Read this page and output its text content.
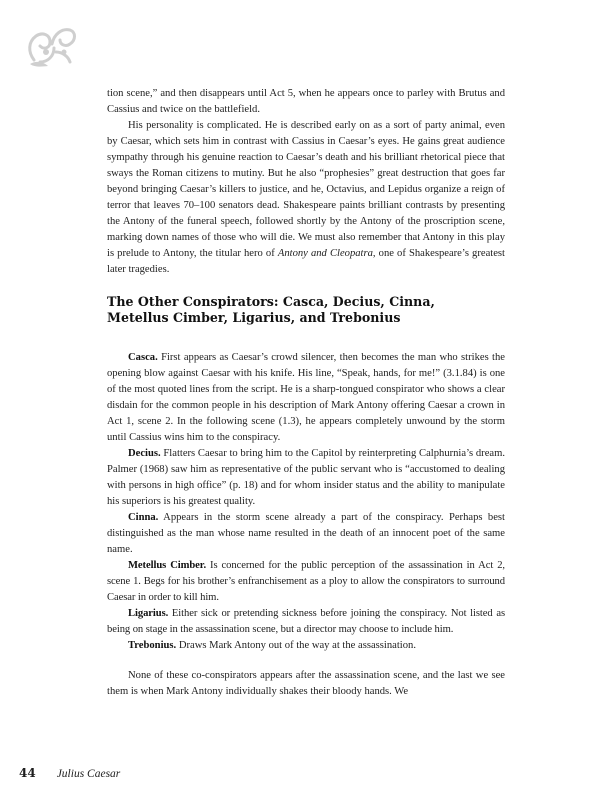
tion scene,” and then disappears until Act 5, when he appears once to parley with Brutus and Cassius and twice on the battlefield.

His personality is complicated. He is described early on as a sort of party animal, even by Caesar, which sets him in contrast with Cassius in Caesar’s eyes. He gains great audience sympathy through his genuine reaction to Caesar’s death and his brilliant rhetorical piece that sways the Roman citizens to mutiny. But he also “prophesies” great destruction that goes far beyond bringing Caesar’s killers to justice, and he, Octavius, and Lepidus organize a reign of terror that leaves 70–100 senators dead. Shakespeare paints brilliant contrasts by presenting the Antony of the funeral speech, followed shortly by the Antony of the proscription scene, marking down names of those who will die. We must also remember that Antony in this play is prelude to Antony, the titular hero of Antony and Cleopatra, one of Shakespeare’s greatest later tragedies.

The Other Conspirators: Casca, Decius, Cinna,
Metellus Cimber, Ligarius, and Trebonius

Casca. First appears as Caesar’s crowd silencer, then becomes the man who strikes the opening blow against Caesar with his knife. His line, “Speak, hands, for me!” (3.1.84) is one of the most quoted lines from the script. He is a sharp-tongued conspirator who shows a clear disdain for the common people in his description of Mark Antony offering Caesar a crown in Act 1, scene 2. In the following scene (1.3), he appears completely unwound by the storm until Cassius wins him to the conspiracy.

Decius. Flatters Caesar to bring him to the Capitol by reinterpreting Calphurnia’s dream. Palmer (1968) saw him as representative of the public servant who is “accustomed to dealing with persons in high office” (p. 18) and for whom insider status and the ability to manipulate his superiors is his greatest quality.

Cinna. Appears in the storm scene already a part of the conspiracy. Perhaps best distinguished as the man whose name resulted in the death of an innocent poet of the same name.

Metellus Cimber. Is concerned for the public perception of the assassination in Act 2, scene 1. Begs for his brother’s enfranchisement as a ploy to allow the conspirators to surround Caesar in order to kill him.

Ligarius. Either sick or pretending sickness before joining the conspiracy. Not listed as being on stage in the assassination scene, but a director may choose to include him.

Trebonius. Draws Mark Antony out of the way at the assassination.

None of these co-conspirators appears after the assassination scene, and the last we see them is when Mark Antony individually shakes their bloody hands. We

44 Julius Caesar
